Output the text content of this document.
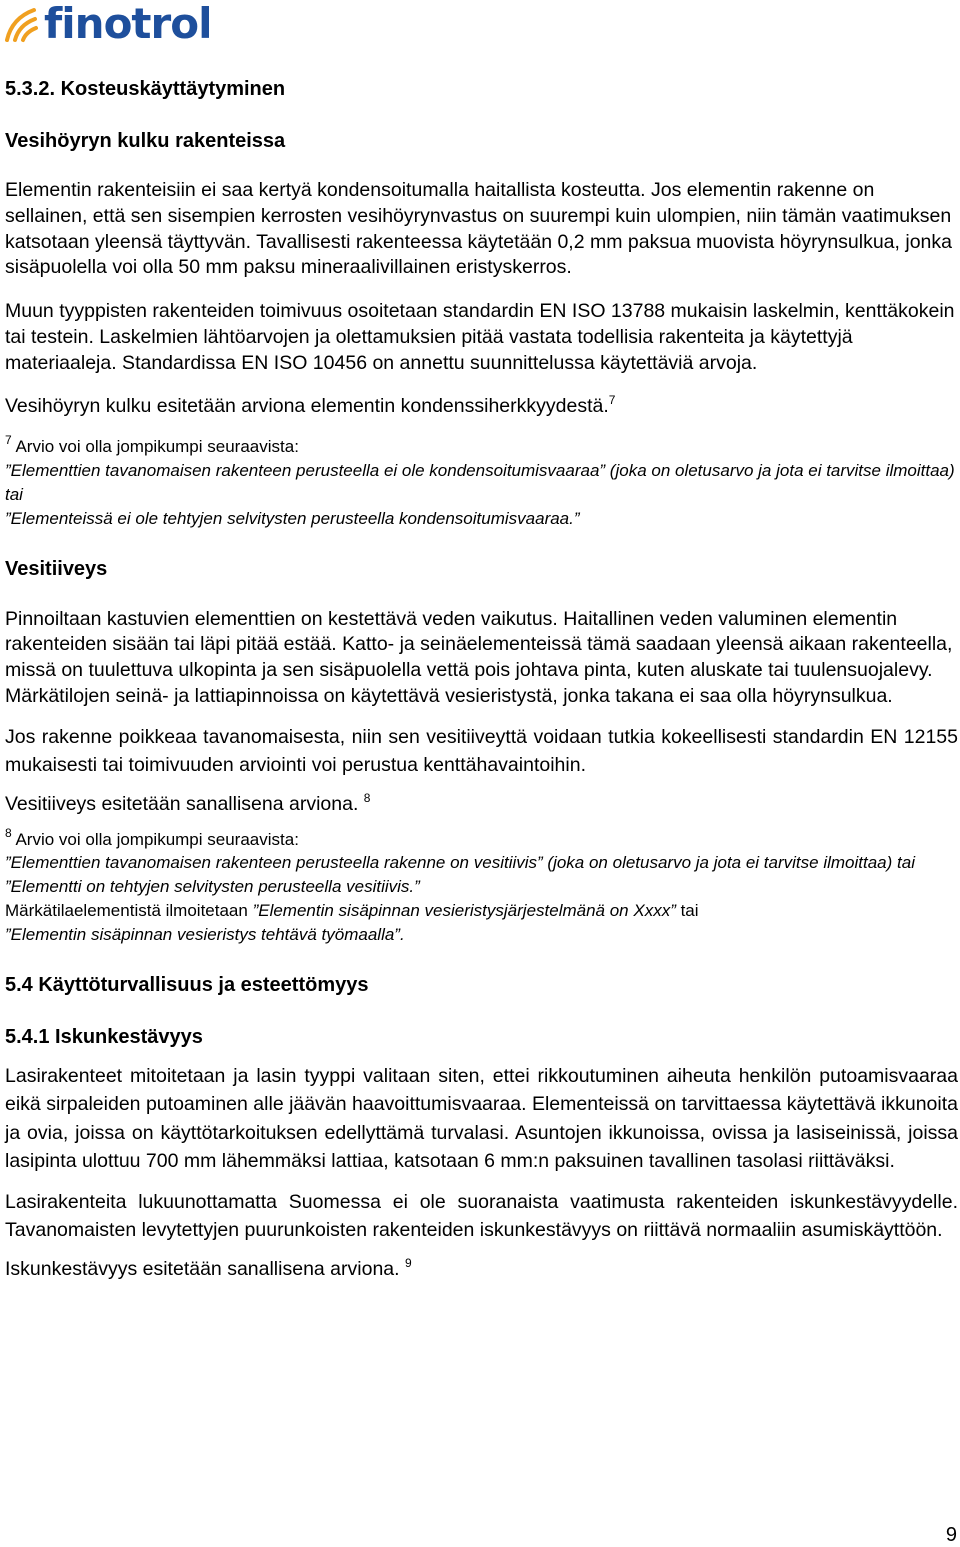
finotrol
5.3.2. Kosteuskäyttäytyminen
Vesihöyryn kulku rakenteissa

Elementin rakenteisiin ei saa kertyä kondensoitumalla haitallista kosteutta. Jos elementin rakenne on sellainen, että sen sisempien kerrosten vesihöyrynvastus on suurempi kuin ulompien, niin tämän vaatimuksen katsotaan yleensä täyttyvän. Tavallisesti rakenteessa käytetään 0,2 mm paksua muovista höyrynsulkua, jonka sisäpuolella voi olla 50 mm paksu mineraalivillainen eristyskerros.

Muun tyyppisten rakenteiden toimivuus osoitetaan standardin EN ISO 13788 mukaisin laskelmin, kenttäkokein tai testein. Laskelmien lähtöarvojen ja olettamuksien pitää vastata todellisia rakenteita ja käytettyjä materiaaleja. Standardissa EN ISO 10456 on annettu suunnittelussa käytettäviä arvoja.

Vesihöyryn kulku esitetään arviona elementin kondenssiherkkyydestä.$^7$

$^7$ Arvio voi olla jompikumpi seuraavista:

”Elementtien tavanomaisen rakenteen perusteella ei ole kondensoitumisvaaraa” (joka on oletusarvo ja jota ei tarvitse ilmoittaa) tai

”Elementeissä ei ole tehtyjen selvitysten perusteella kondensoitumisvaaraa.”

Vesitiiveys

Pinnoiltaan kastuvien elementtien on kestettävä veden vaikutus. Haitallinen veden valuminen elementin rakenteiden sisään tai läpi pitää estää. Katto- ja seinäelementeissä tämä saadaan yleensä aikaan rakenteella, missä on tuulettuva ulkopinta ja sen sisäpuolella vettä pois johtava pinta, kuten aluskate tai tuulensuojalevy. Märkätilojen seinä- ja lattiapinnoissa on käytettävä vesieristystä, jonka takana ei saa olla höyrynsulkua.

Jos rakenne poikkeaa tavanomaisesta, niin sen vesitiiveyttä voidaan tutkia kokeellisesti standardin EN 12155 mukaisesti tai toimivuuden arviointi voi perustua kenttähavaintoihin.

Vesitiiveys esitetään sanallisena arviona. $^8$

$^8$ Arvio voi olla jompikumpi seuraavista:

”Elementtien tavanomaisen rakenteen perusteella rakenne on vesitiivis” (joka on oletusarvo ja jota ei tarvitse ilmoittaa) tai

”Elementti on tehtyjen selvitysten perusteella vesitiivis.”

Märkätilaelementistä ilmoitetaan ”Elementin sisäpinnan vesieristysjärjestelmänä on Xxxx” tai

”Elementin sisäpinnan vesieristys tehtävä työmaalla”.

5.4 Käyttöturvallisuus ja esteettömyys
5.4.1 Iskunkestävyys

Lasirakenteet mitoitetaan ja lasin tyyppi valitaan siten, ettei rikkoutuminen aiheuta henkilön putoamisvaaraa eikä sirpaleiden putoaminen alle jäävän haavoittumisvaaraa. Elementeissä on tarvittaessa käytettävä ikkunoita ja ovia, joissa on käyttötarkoituksen edellyttämä turvalasi. Asuntojen ikkunoissa, ovissa ja lasiseinissä, joissa lasipinta ulottuu 700 mm lähemmäksi lattiaa, katsotaan 6 mm:n paksuinen tavallinen tasolasi riittäväksi.

Lasirakenteita lukuunottamatta Suomessa ei ole suoranaista vaatimusta rakenteiden iskunkestävyydelle. Tavanomaisten levytettyjen puurunkoisten rakenteiden iskunkestävyys on riittävä normaaliin asumiskäyttöön.

Iskunkestävyys esitetään sanallisena arviona. $^9$

9
